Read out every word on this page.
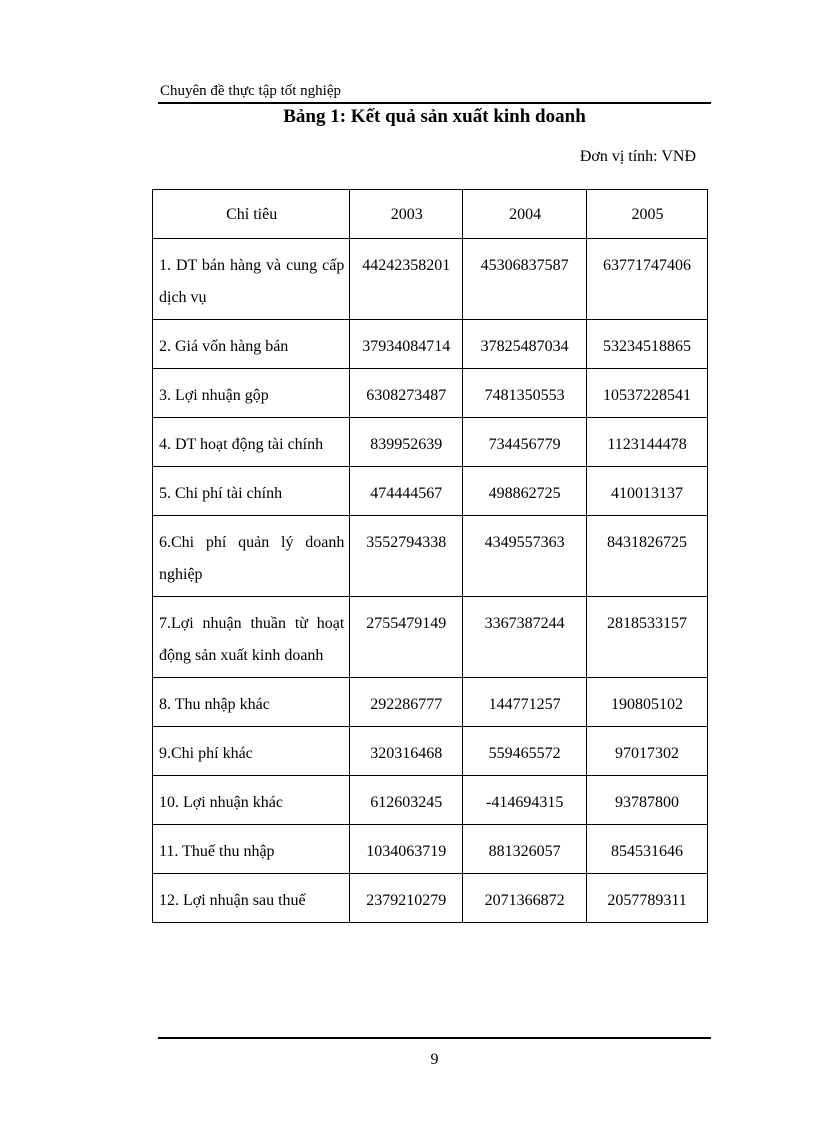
Chuyên đề thực tập tốt nghiệp
Bảng 1: Kết quả sản xuất kinh doanh
Đơn vị tính: VNĐ
Chỉ tiêu	2003	2004	2005

1. DT bán hàng và cung cấp dịch vụ	44242358201	45306837587	63771747406

2. Giá vốn hàng bán	37934084714	37825487034	53234518865

3. Lợi nhuận gộp	6308273487	7481350553	10537228541

4. DT hoạt động tài chính	839952639	734456779	1123144478

5. Chi phí tài chính	474444567	498862725	410013137

6.Chi phí quản lý doanh nghiệp	3552794338	4349557363	8431826725

7.Lợi nhuận thuần từ hoạt động sản xuất kinh doanh	2755479149	3367387244	2818533157

8. Thu nhập khác	292286777	144771257	190805102

9.Chi phí khác	320316468	559465572	97017302

10. Lợi nhuận khác	612603245	-414694315	93787800

11. Thuế thu nhập	1034063719	881326057	854531646

12. Lợi nhuận sau thuế	2379210279	2071366872	2057789311
9
